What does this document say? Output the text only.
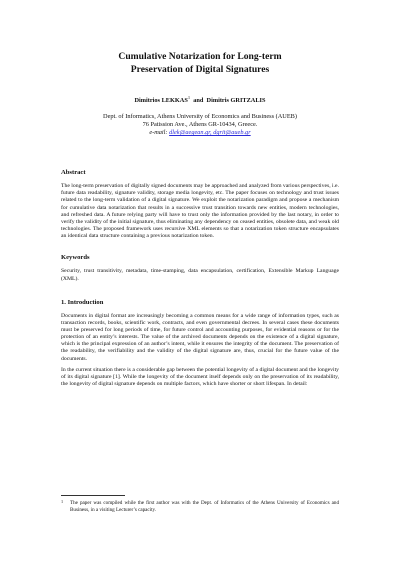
Cumulative Notarization for Long-term
Preservation of Digital Signatures
Dimitrios LEKKAS$^1$ and Dimitris GRITZALIS
Dept. of Informatics, Athens University of Economics and Business (AUEB)
76 Patission Ave., Athens GR-10434, Greece.
e-mail: dlek@aegean.gr, dgrit@aueb.gr
Abstract

The long-term preservation of digitally signed documents may be approached and analyzed from various perspectives, i.e. future data readability, signature validity, storage media longevity, etc. The paper focuses on technology and trust issues related to the long-term validation of a digital signature. We exploit the notarization paradigm and propose a mechanism for cumulative data notarization that results in a successive trust transition towards new entities, modern technologies, and refreshed data. A future relying party will have to trust only the information provided by the last notary, in order to verify the validity of the initial signature, thus eliminating any dependency on ceased entities, obsolete data, and weak old technologies. The proposed framework uses recursive XML elements so that a notarization token structure encapsulates an identical data structure containing a previous notarization token.

Keywords

Security, trust transitivity, metadata, time-stamping, data encapsulation, certification, Extensible Markup Language (XML).

1. Introduction

Documents in digital format are increasingly becoming a common means for a wide range of information types, such as transaction records, books, scientific work, contracts, and even governmental decrees. In several cases these documents must be preserved for long periods of time, for future control and accounting purposes, for evidential reasons or for the protection of an entity’s interests. The value of the archived documents depends on the existence of a digital signature, which is the principal expression of an author’s intent, while it ensures the integrity of the document. The preservation of the readability, the verifiability and the validity of the digital signature are, thus, crucial for the future value of the documents.

In the current situation there is a considerable gap between the potential longevity of a digital document and the longevity of its digital signature [1]. While the longevity of the document itself depends only on the preservation of its readability, the longevity of digital signature depends on multiple factors, which have shorter or short lifespan. In detail:

1 The paper was compiled while the first author was with the Dept. of Informatics of the Athens University of Economics and Business, in a visiting Lecturer’s capacity.
